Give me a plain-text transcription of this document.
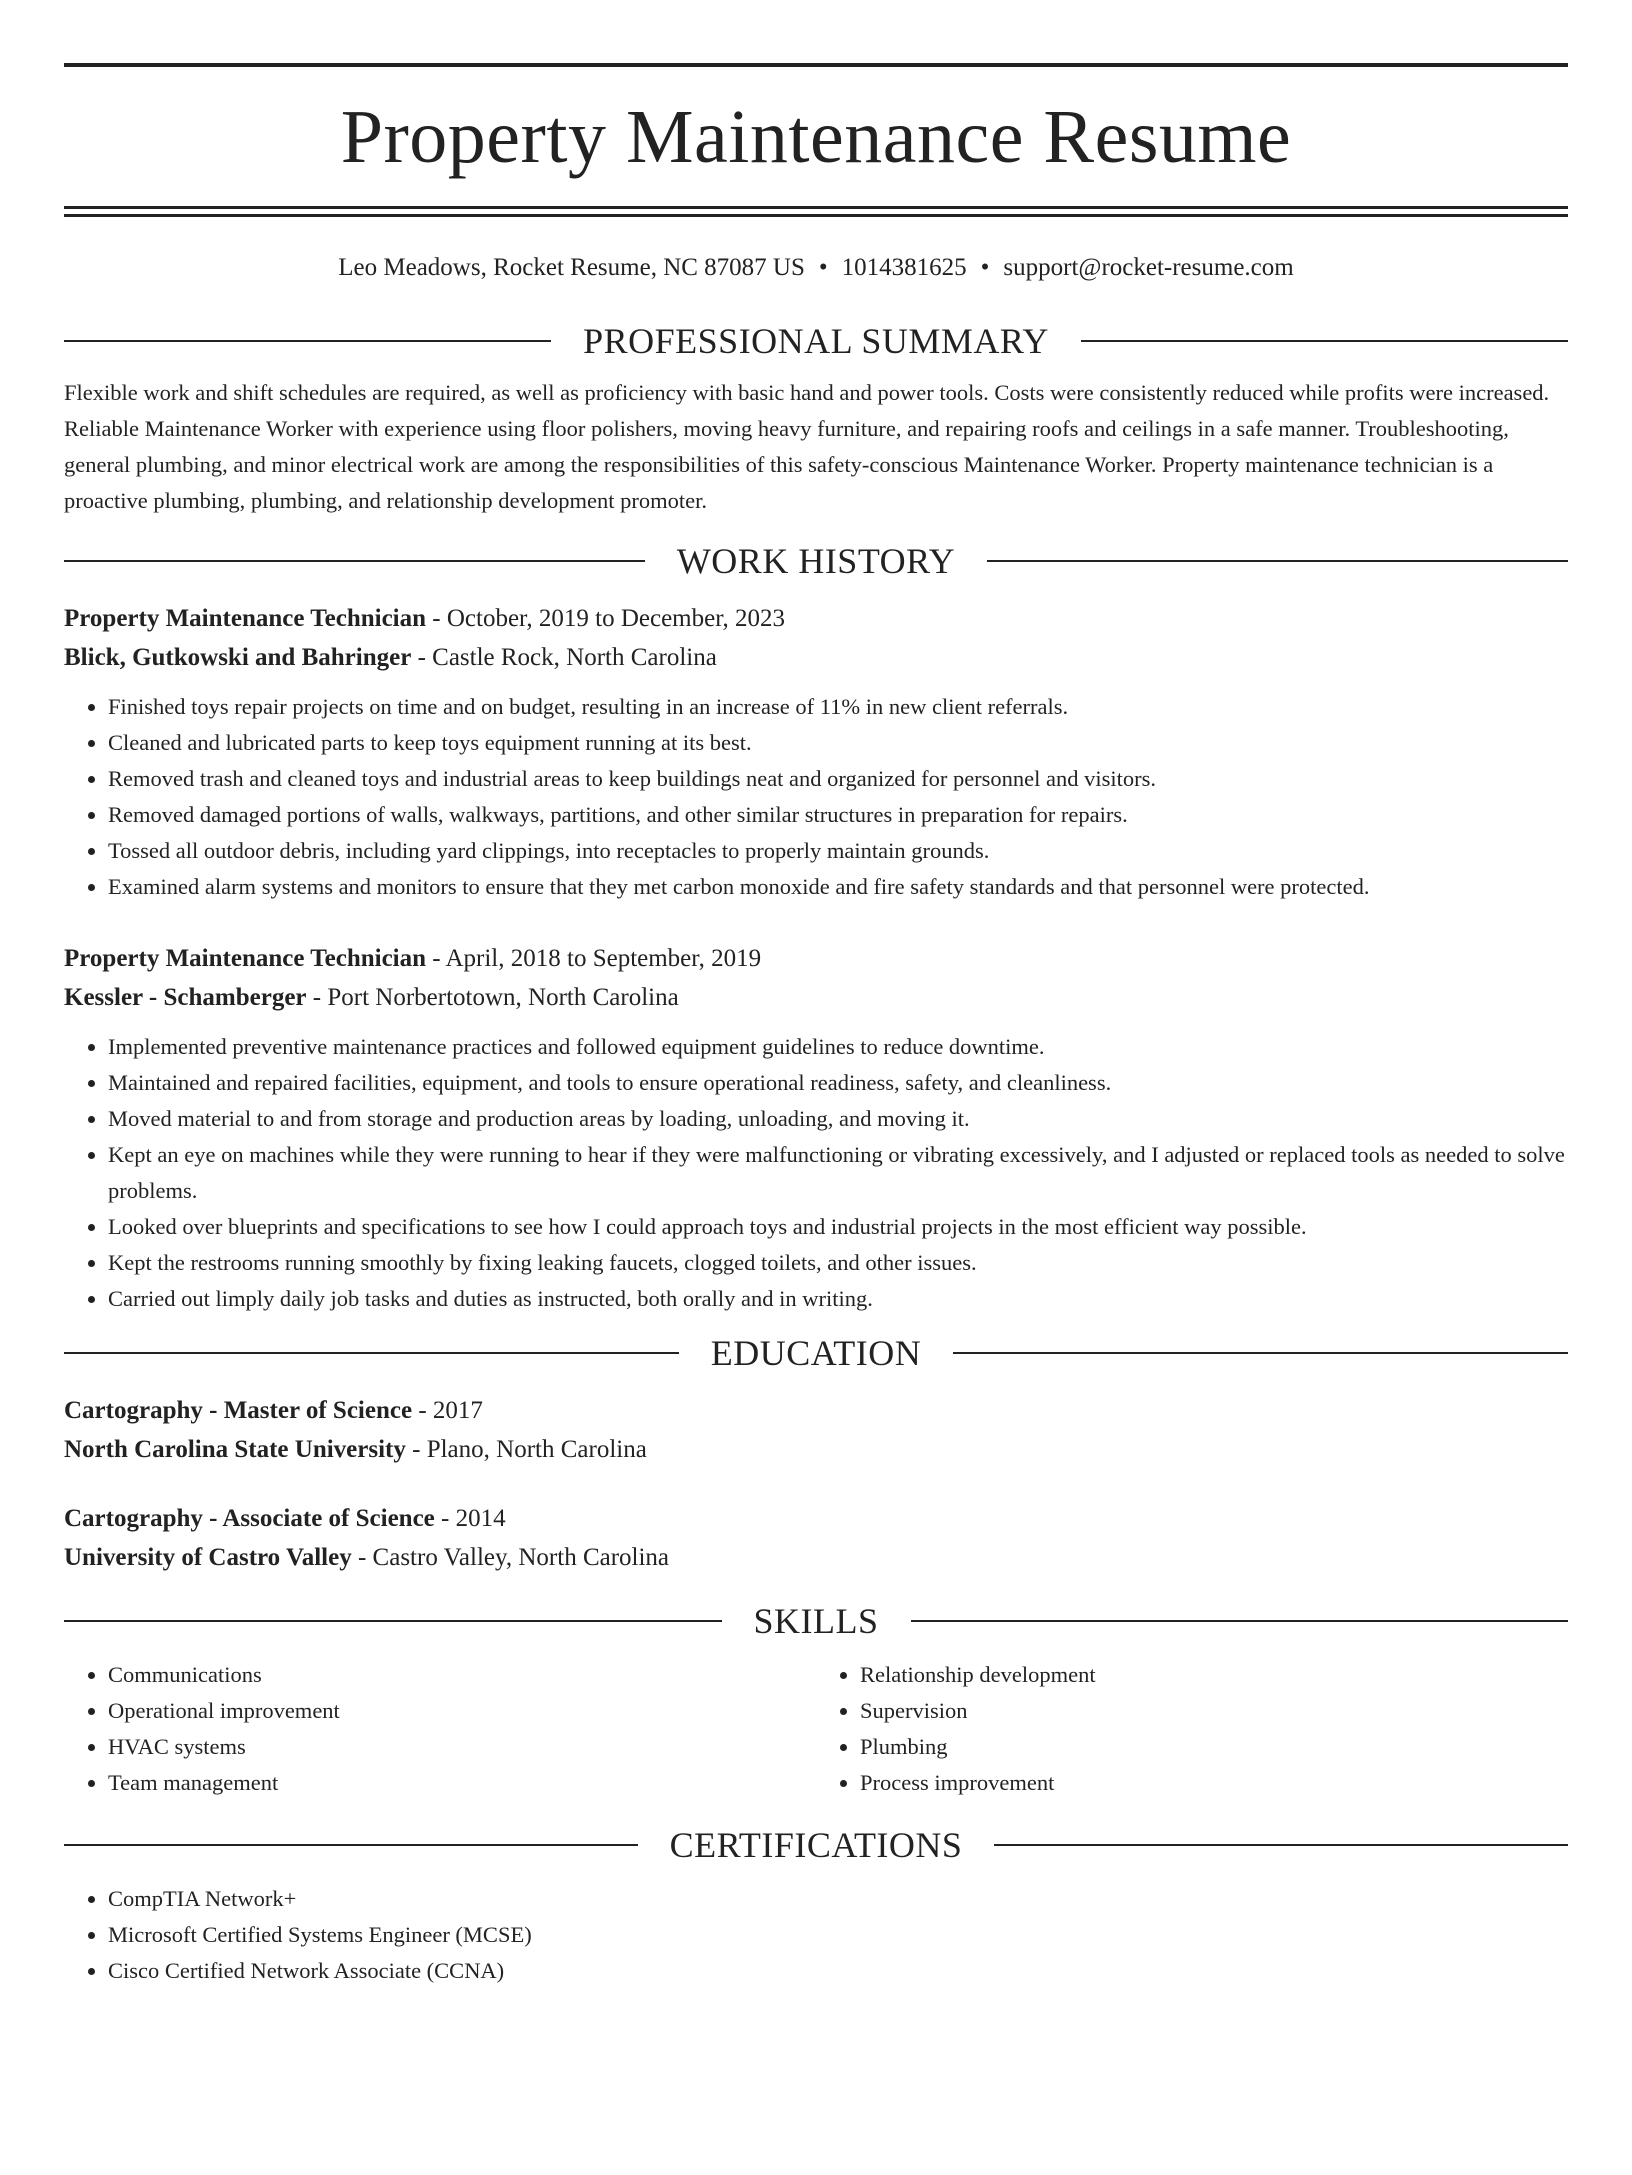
Property Maintenance Resume
Leo Meadows, Rocket Resume, NC 87087 US • 1014381625 • support@rocket-resume.com
PROFESSIONAL SUMMARY

Flexible work and shift schedules are required, as well as proficiency with basic hand and power tools. Costs were consistently reduced while profits were increased. Reliable Maintenance Worker with experience using floor polishers, moving heavy furniture, and repairing roofs and ceilings in a safe manner. Troubleshooting, general plumbing, and minor electrical work are among the responsibilities of this safety-conscious Maintenance Worker. Property maintenance technician is a proactive plumbing, plumbing, and relationship development promoter.

WORK HISTORY
Property Maintenance Technician - October, 2019 to December, 2023
Blick, Gutkowski and Bahringer - Castle Rock, North Carolina
• Finished toys repair projects on time and on budget, resulting in an increase of 11% in new client referrals.
• Cleaned and lubricated parts to keep toys equipment running at its best.
• Removed trash and cleaned toys and industrial areas to keep buildings neat and organized for personnel and visitors.
• Removed damaged portions of walls, walkways, partitions, and other similar structures in preparation for repairs.
• Tossed all outdoor debris, including yard clippings, into receptacles to properly maintain grounds.
• Examined alarm systems and monitors to ensure that they met carbon monoxide and fire safety standards and that personnel were protected.
Property Maintenance Technician - April, 2018 to September, 2019
Kessler - Schamberger - Port Norbertotown, North Carolina
• Implemented preventive maintenance practices and followed equipment guidelines to reduce downtime.
• Maintained and repaired facilities, equipment, and tools to ensure operational readiness, safety, and cleanliness.
• Moved material to and from storage and production areas by loading, unloading, and moving it.
• Kept an eye on machines while they were running to hear if they were malfunctioning or vibrating excessively, and I adjusted or replaced tools as needed to solve problems.
• Looked over blueprints and specifications to see how I could approach toys and industrial projects in the most efficient way possible.
• Kept the restrooms running smoothly by fixing leaking faucets, clogged toilets, and other issues.
• Carried out limply daily job tasks and duties as instructed, both orally and in writing.
EDUCATION
Cartography - Master of Science - 2017
North Carolina State University - Plano, North Carolina
Cartography - Associate of Science - 2014
University of Castro Valley - Castro Valley, North Carolina
SKILLS
• Communications
• Operational improvement
• HVAC systems
• Team management
• Relationship development
• Supervision
• Plumbing
• Process improvement
CERTIFICATIONS
• CompTIA Network+
• Microsoft Certified Systems Engineer (MCSE)
• Cisco Certified Network Associate (CCNA)
